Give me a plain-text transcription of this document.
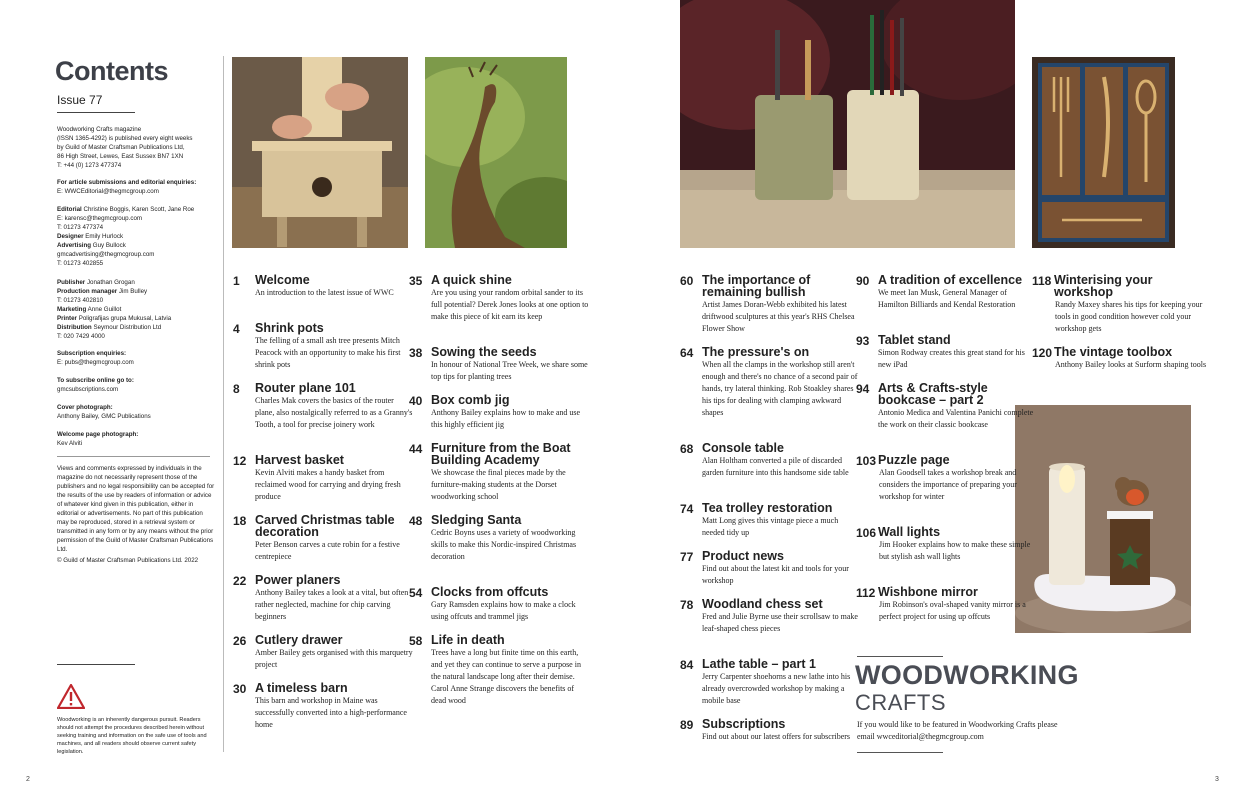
Contents
Issue 77
Woodworking Crafts magazine
(ISSN 1365-4292) is published every eight weeks
by Guild of Master Craftsman Publications Ltd,
86 High Street, Lewes, East Sussex BN7 1XN
T: +44 (0) 1273 477374
For article submissions and editorial enquiries:
E: WWCEditorial@thegmcgroup.com
Editorial Christine Boggis, Karen Scott, Jane Roe
E: karensc@thegmcgroup.com
T: 01273 477374
Designer Emily Hurlock
Advertising Guy Bullock
gmcadvertising@thegmcgroup.com
T: 01273 402855
Publisher Jonathan Grogan
Production manager Jim Bulley
T: 01273 402810
Marketing Anne Guillot
Printer Poligrafijas grupa Mukusal, Latvia
Distribution Seymour Distribution Ltd
T: 020 7429 4000
Subscription enquiries:
E: pubs@thegmcgroup.com
To subscribe online go to:
gmcsubscriptions.com
Cover photograph:
Anthony Bailey, GMC Publications
Welcome page photograph:
Kev Alviti
Views and comments expressed by individuals in the magazine do not necessarily represent those of the publishers and no legal responsibility can be accepted for the results of the use by readers of information or advice of whatever kind given in this publication, either in editorial or advertisements. No part of this publication may be reproduced, stored in a retrieval system or transmitted in any form or by any means without the prior permission of the Guild of Master Craftsman Publications Ltd.
© Guild of Master Craftsman Publications Ltd. 2022
Woodworking is an inherently dangerous pursuit. Readers should not attempt the procedures described herein without seeking training and information on the safe use of tools and machines, and all readers should observe current safety legislation.
1 Welcome
An introduction to the latest issue of WWC
4 Shrink pots
The felling of a small ash tree presents Mitch Peacock with an opportunity to make his first shrink pots
8 Router plane 101
Charles Mak covers the basics of the router plane, also nostalgically referred to as a Granny's Tooth, a tool for precise joinery work
12 Harvest basket
Kevin Alviti makes a handy basket from reclaimed wood for carrying and drying fresh produce
18 Carved Christmas table decoration
Peter Benson carves a cute robin for a festive centrepiece
22 Power planers
Anthony Bailey takes a look at a vital, but often rather neglected, machine for chip carving beginners
26 Cutlery drawer
Amber Bailey gets organised with this marquetry project
30 A timeless barn
This barn and workshop in Maine was successfully converted into a high-performance home
35 A quick shine
Are you using your random orbital sander to its full potential? Derek Jones looks at one option to make this piece of kit earn its keep
38 Sowing the seeds
In honour of National Tree Week, we share some top tips for planting trees
40 Box comb jig
Anthony Bailey explains how to make and use this highly efficient jig
44 Furniture from the Boat Building Academy
We showcase the final pieces made by the furniture-making students at the Dorset woodworking school
48 Sledging Santa
Cedric Boyns uses a variety of woodworking skills to make this Nordic-inspired Christmas decoration
54 Clocks from offcuts
Gary Ramsden explains how to make a clock using offcuts and trammel jigs
58 Life in death
Trees have a long but finite time on this earth, and yet they can continue to serve a purpose in the natural landscape long after their demise. Carol Anne Strange discovers the benefits of dead wood
60 The importance of remaining bullish
Artist James Doran-Webb exhibited his latest driftwood sculptures at this year's RHS Chelsea Flower Show
64 The pressure's on
When all the clamps in the workshop still aren't enough and there's no chance of a second pair of hands, try lateral thinking. Rob Stoakley shares his tips for dealing with clamping awkward shapes
68 Console table
Alan Holtham converted a pile of discarded garden furniture into this handsome side table
74 Tea trolley restoration
Matt Long gives this vintage piece a much needed tidy up
77 Product news
Find out about the latest kit and tools for your workshop
78 Woodland chess set
Fred and Julie Byrne use their scrollsaw to make leaf-shaped chess pieces
84 Lathe table – part 1
Jerry Carpenter shoehorns a new lathe into his already overcrowded workshop by making a mobile base
89 Subscriptions
Find out about our latest offers for subscribers
90 A tradition of excellence
We meet Ian Musk, General Manager of Hamilton Billiards and Kendal Restoration
93 Tablet stand
Simon Rodway creates this great stand for his new iPad
94 Arts & Crafts-style bookcase – part 2
Antonio Medica and Valentina Panichi complete the work on their classic bookcase
103 Puzzle page
Alan Goodsell takes a workshop break and considers the importance of preparing your workshop for winter
106 Wall lights
Jim Hooker explains how to make these simple but stylish ash wall lights
112 Wishbone mirror
Jim Robinson's oval-shaped vanity mirror is a perfect project for using up offcuts
118 Winterising your workshop
Randy Maxey shares his tips for keeping your tools in good condition however cold your workshop gets
120 The vintage toolbox
Anthony Bailey looks at Surform shaping tools
WOODWORKING
CRAFTS
If you would like to be featured in Woodworking Crafts please email wwceditorial@thegmcgroup.com
2	3
